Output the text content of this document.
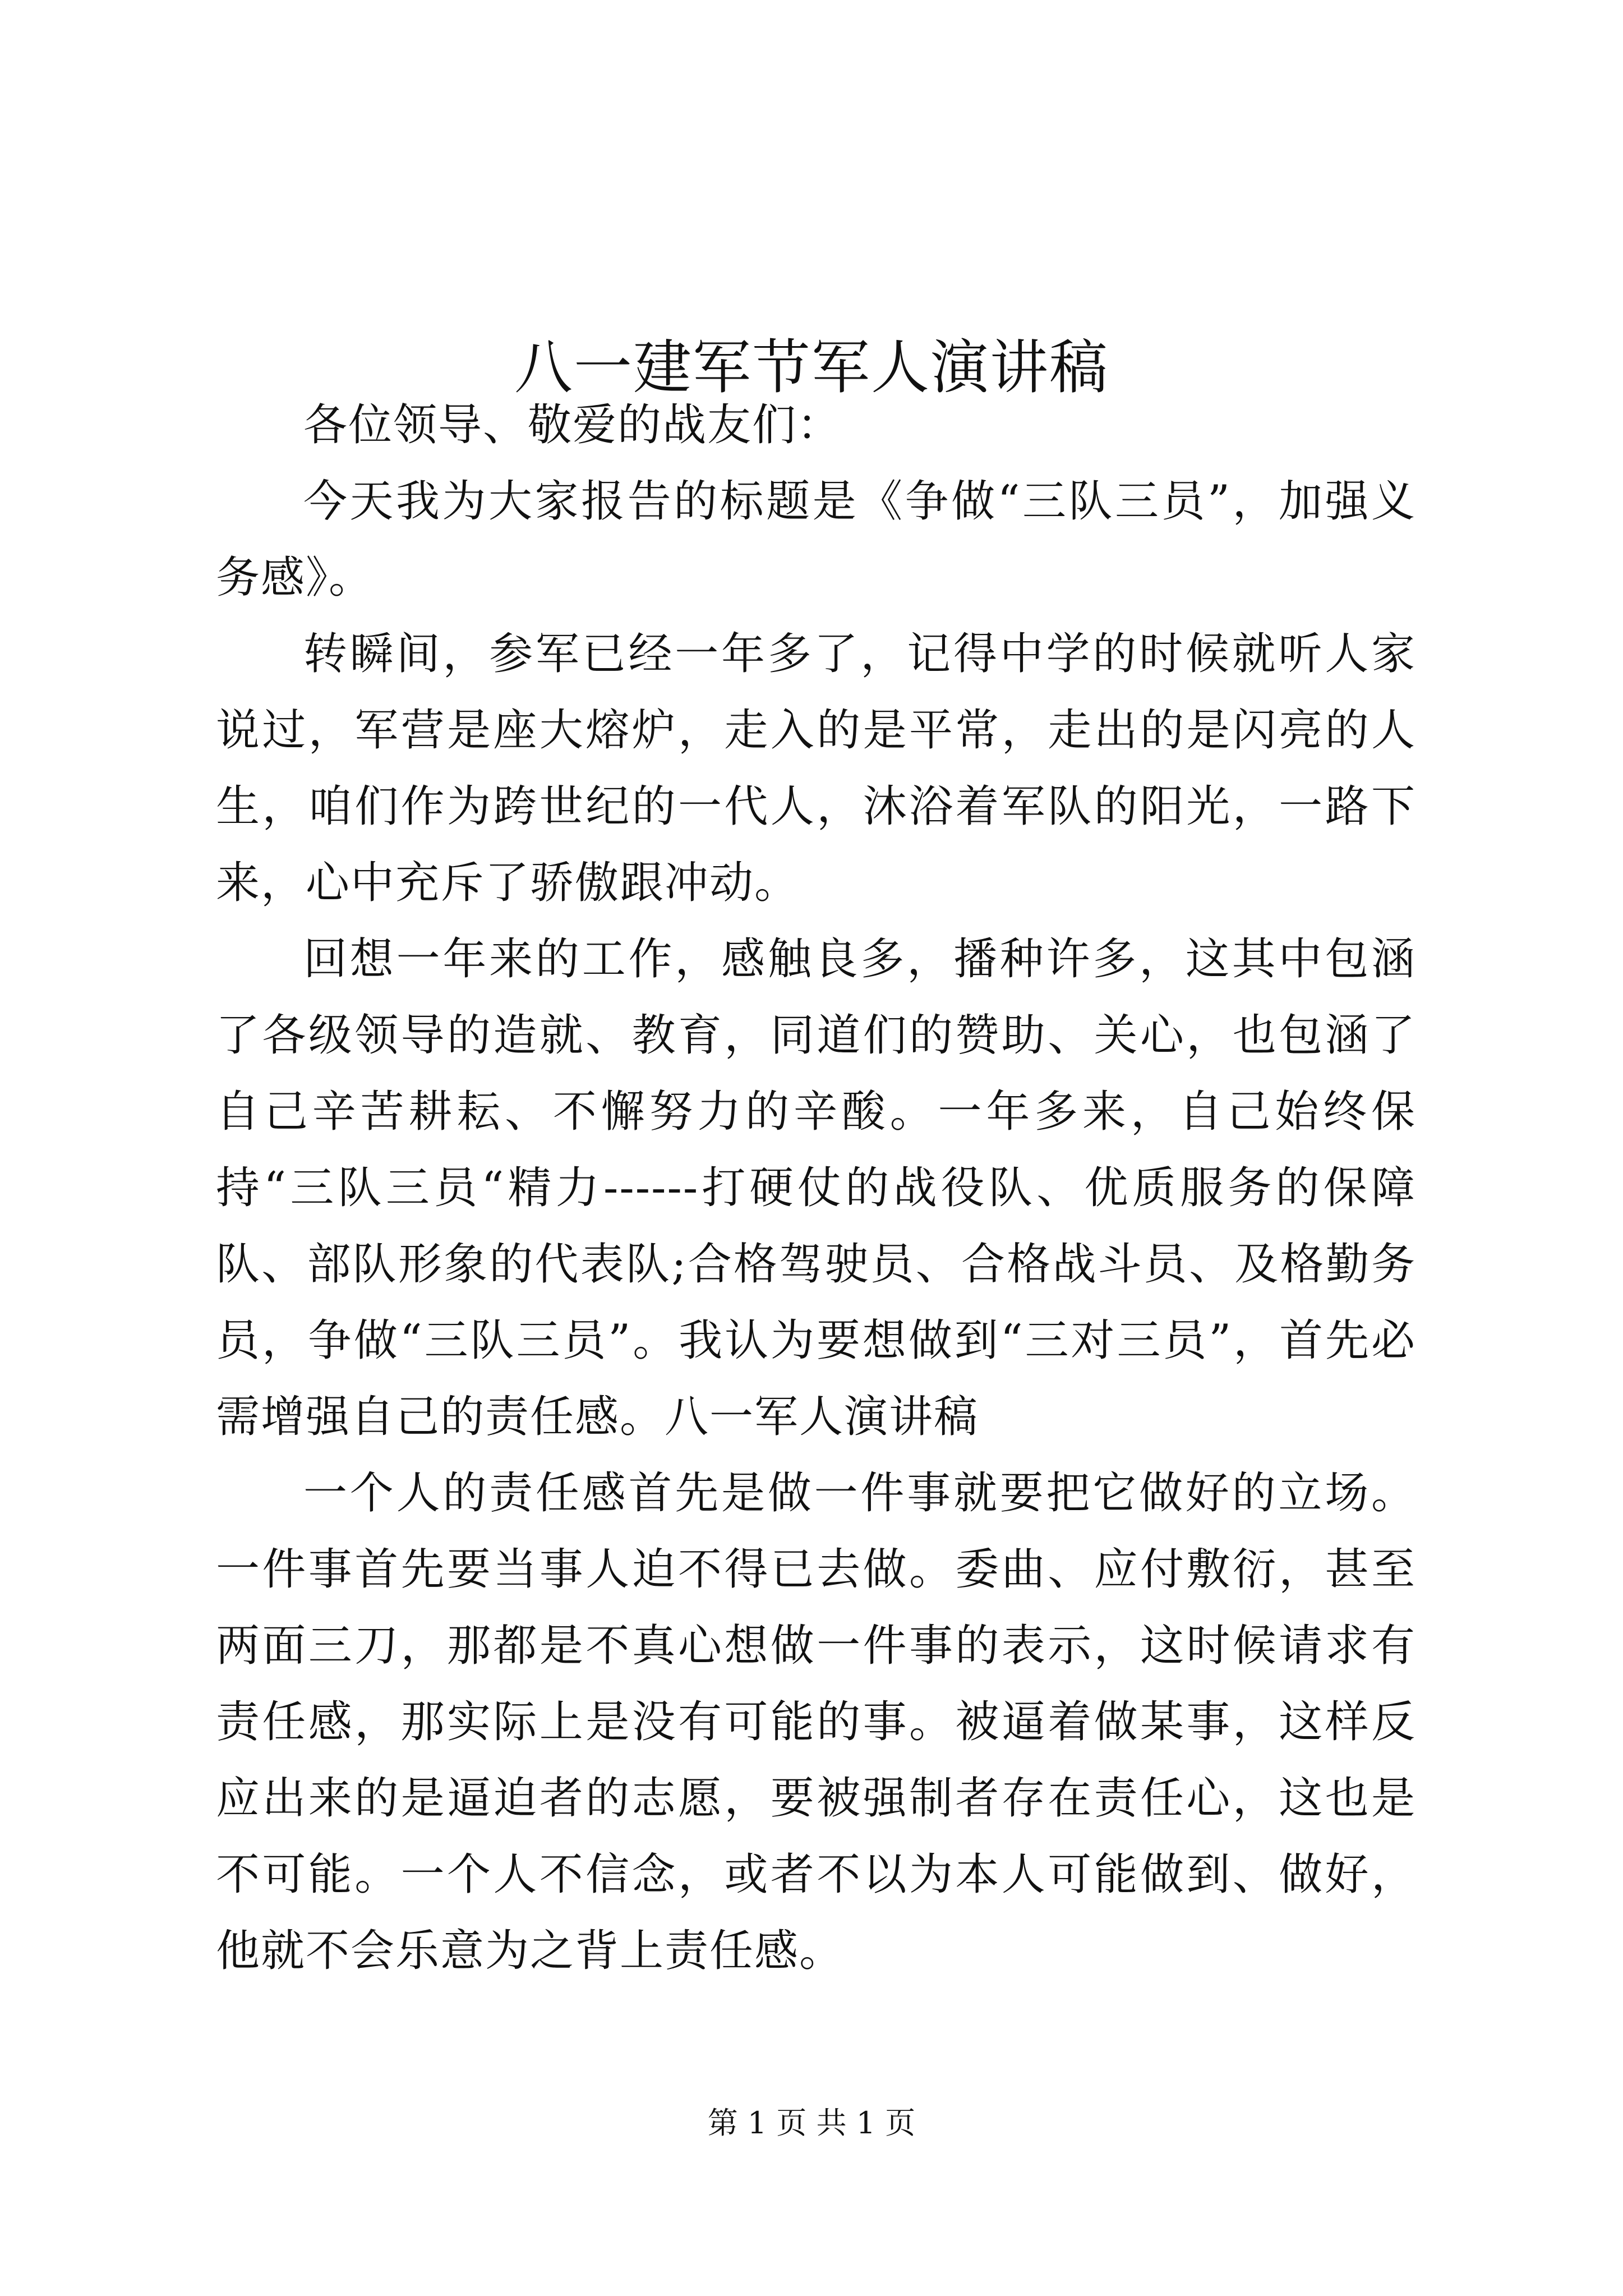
八一建军节军人演讲稿

各位领导、敬爱的战友们：

今天我为大家报告的标题是《争做“三队三员”，加强义务感》。

转瞬间，参军已经一年多了，记得中学的时候就听人家说过，军营是座大熔炉，走入的是平常，走出的是闪亮的人生，咱们作为跨世纪的一代人，沐浴着军队的阳光，一路下来，心中充斥了骄傲跟冲动。

回想一年来的工作，感触良多，播种许多，这其中包涵了各级领导的造就、教育，同道们的赞助、关心，也包涵了自己辛苦耕耘、不懈努力的辛酸。一年多来，自己始终保持“三队三员“精力------打硬仗的战役队、优质服务的保障队、部队形象的代表队;合格驾驶员、合格战斗员、及格勤务员，争做“三队三员”。我认为要想做到“三对三员”，首先必需增强自己的责任感。八一军人演讲稿

一个人的责任感首先是做一件事就要把它做好的立场。一件事首先要当事人迫不得已去做。委曲、应付敷衍，甚至两面三刀，那都是不真心想做一件事的表示，这时候请求有责任感，那实际上是没有可能的事。被逼着做某事，这样反应出来的是逼迫者的志愿，要被强制者存在责任心，这也是不可能。一个人不信念，或者不以为本人可能做到、做好，他就不会乐意为之背上责任感。

第 1 页 共 1 页
